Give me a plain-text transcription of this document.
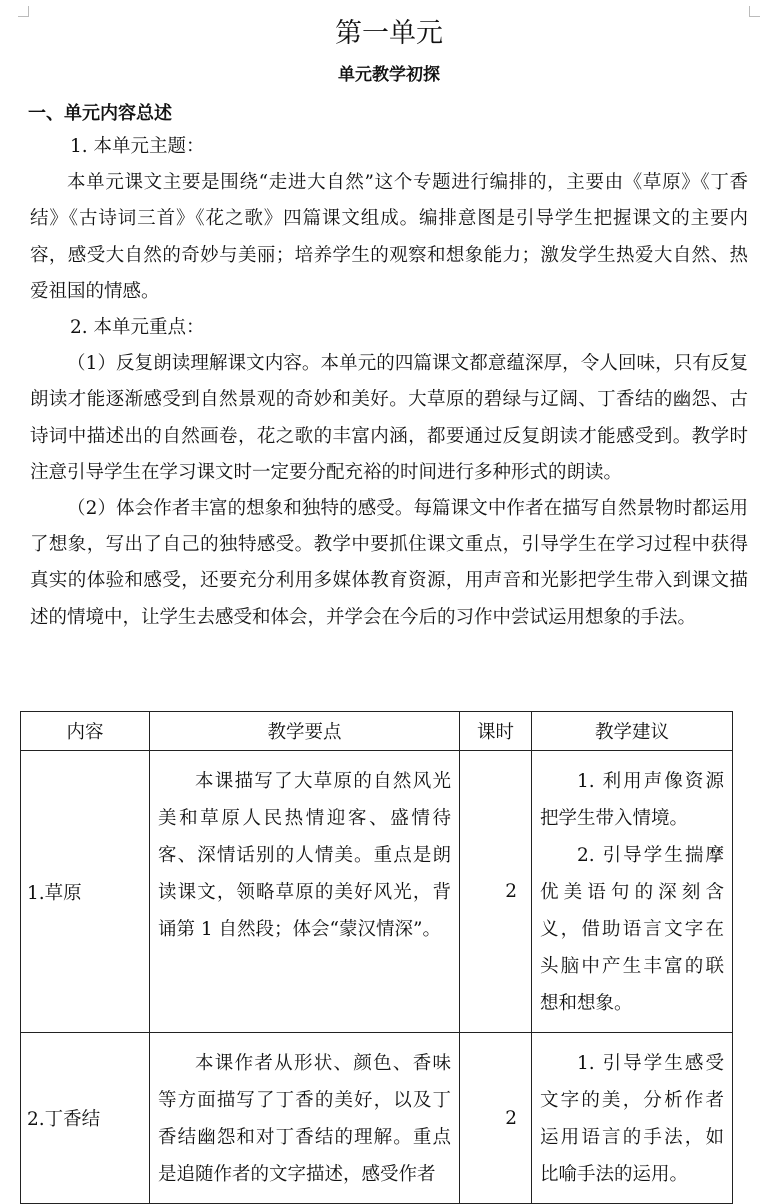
第一单元
单元教学初探
一、单元内容总述
1. 本单元主题：
本单元课文主要是围绕“走进大自然”这个专题进行编排的，主要由《草原》《丁香结》《古诗词三首》《花之歌》四篇课文组成。编排意图是引导学生把握课文的主要内容，感受大自然的奇妙与美丽；培养学生的观察和想象能力；激发学生热爱大自然、热爱祖国的情感。
2. 本单元重点：
（1）反复朗读理解课文内容。本单元的四篇课文都意蕴深厚，令人回味，只有反复朗读才能逐渐感受到自然景观的奇妙和美好。大草原的碧绿与辽阔、丁香结的幽怨、古诗词中描述出的自然画卷，花之歌的丰富内涵，都要通过反复朗读才能感受到。教学时注意引导学生在学习课文时一定要分配充裕的时间进行多种形式的朗读。
（2）体会作者丰富的想象和独特的感受。每篇课文中作者在描写自然景物时都运用了想象，写出了自己的独特感受。教学中要抓住课文重点，引导学生在学习过程中获得真实的体验和感受，还要充分利用多媒体教育资源，用声音和光影把学生带入到课文描述的情境中，让学生去感受和体会，并学会在今后的习作中尝试运用想象的手法。
内容	教学要点	课时	教学建议
1.草原	本课描写了大草原的自然风光美和草原人民热情迎客、盛情待客、深情话别的人情美。重点是朗读课文，领略草原的美好风光，背诵第 1 自然段；体会“蒙汉情深”。	2	1. 利用声像资源把学生带入情境。
2. 引导学生揣摩优美语句的深刻含义，借助语言文字在头脑中产生丰富的联想和想象。

2.丁香结	本课作者从形状、颜色、香味等方面描写了丁香的美好，以及丁香结幽怨和对丁香结的理解。重点是追随作者的文字描述，感受作者	2	1. 引导学生感受文字的美，分析作者运用语言的手法，如比喻手法的运用。
